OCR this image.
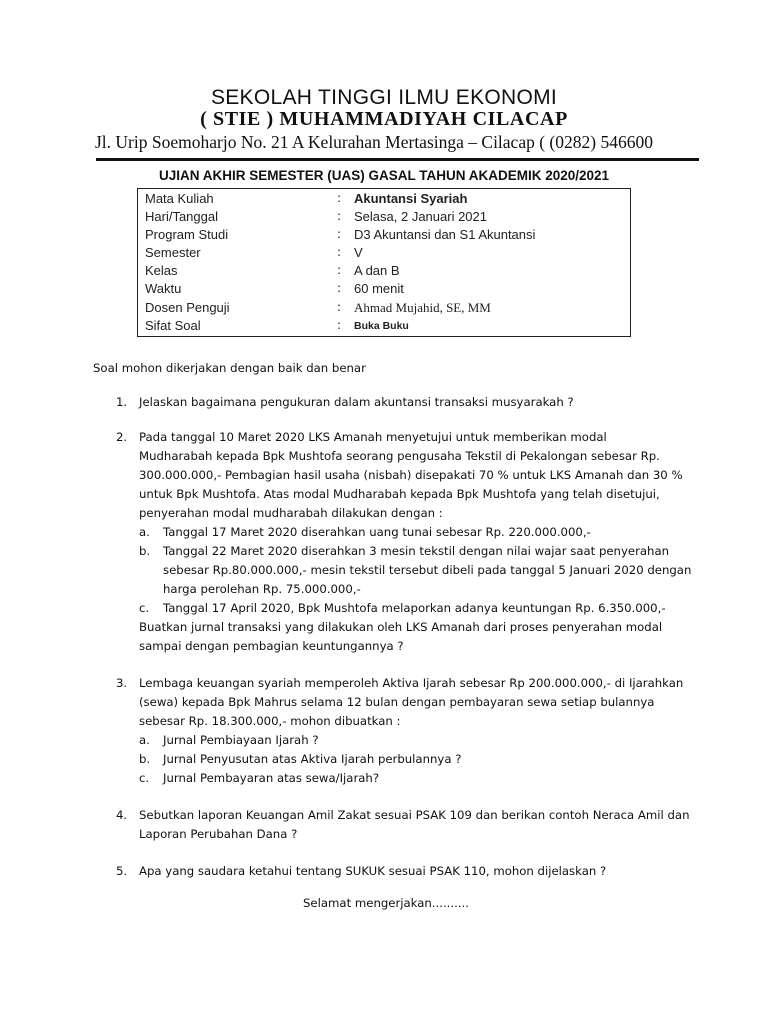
SEKOLAH TINGGI ILMU EKONOMI
( STIE ) MUHAMMADIYAH CILACAP
Jl. Urip Soemoharjo No. 21 A Kelurahan Mertasinga – Cilacap ( (0282) 546600
UJIAN AKHIR SEMESTER (UAS) GASAL TAHUN AKADEMIK 2020/2021
Mata Kuliah	: Akuntansi Syariah
Hari/Tanggal	: Selasa, 2 Januari 2021
Program Studi	: D3 Akuntansi dan S1 Akuntansi
Semester	: V
Kelas	: A dan B
Waktu	: 60 menit
Dosen Penguji	: Ahmad Mujahid, SE, MM
Sifat Soal	: Buka Buku
Soal mohon dikerjakan dengan baik dan benar
1. Jelaskan bagaimana pengukuran dalam akuntansi transaksi musyarakah ?
2. Pada tanggal 10 Maret 2020 LKS Amanah menyetujui untuk memberikan modal
Mudharabah kepada Bpk Mushtofa seorang pengusaha Tekstil di Pekalongan sebesar Rp.
300.000.000,- Pembagian hasil usaha (nisbah) disepakati 70 % untuk LKS Amanah dan 30 %
untuk Bpk Mushtofa. Atas modal Mudharabah kepada Bpk Mushtofa yang telah disetujui,
penyerahan modal mudharabah dilakukan dengan :
a. Tanggal 17 Maret 2020 diserahkan uang tunai sebesar Rp. 220.000.000,-
b. Tanggal 22 Maret 2020 diserahkan 3 mesin tekstil dengan nilai wajar saat penyerahan
sebesar Rp.80.000.000,- mesin tekstil tersebut dibeli pada tanggal 5 Januari 2020 dengan
harga perolehan Rp. 75.000.000,-
c. Tanggal 17 April 2020, Bpk Mushtofa melaporkan adanya keuntungan Rp. 6.350.000,-
Buatkan jurnal transaksi yang dilakukan oleh LKS Amanah dari proses penyerahan modal
sampai dengan pembagian keuntungannya ?
3. Lembaga keuangan syariah memperoleh Aktiva Ijarah sebesar Rp 200.000.000,- di Ijarahkan
(sewa) kepada Bpk Mahrus selama 12 bulan dengan pembayaran sewa setiap bulannya
sebesar Rp. 18.300.000,- mohon dibuatkan :
a. Jurnal Pembiayaan Ijarah ?
b. Jurnal Penyusutan atas Aktiva Ijarah perbulannya ?
c. Jurnal Pembayaran atas sewa/Ijarah?
4. Sebutkan laporan Keuangan Amil Zakat sesuai PSAK 109 dan berikan contoh Neraca Amil dan
Laporan Perubahan Dana ?
5. Apa yang saudara ketahui tentang SUKUK sesuai PSAK 110, mohon dijelaskan ?
Selamat mengerjakan..........
